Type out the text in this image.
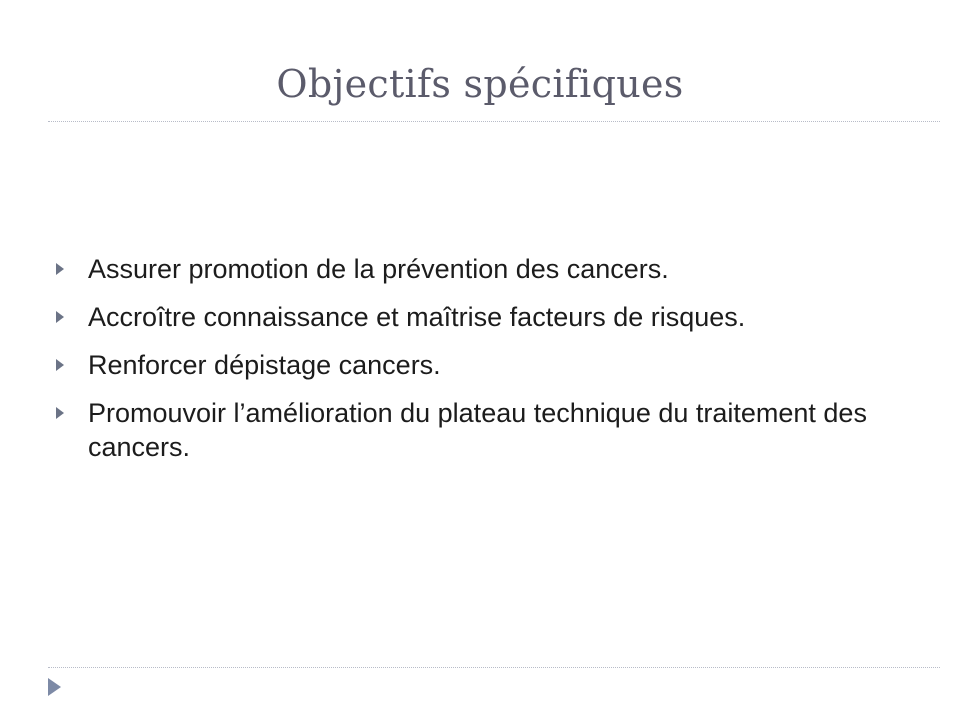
Objectifs spécifiques
Assurer promotion de la prévention des cancers.
Accroître connaissance et maîtrise facteurs de risques.
Renforcer dépistage cancers.
Promouvoir l’amélioration du plateau technique du traitement des cancers.
